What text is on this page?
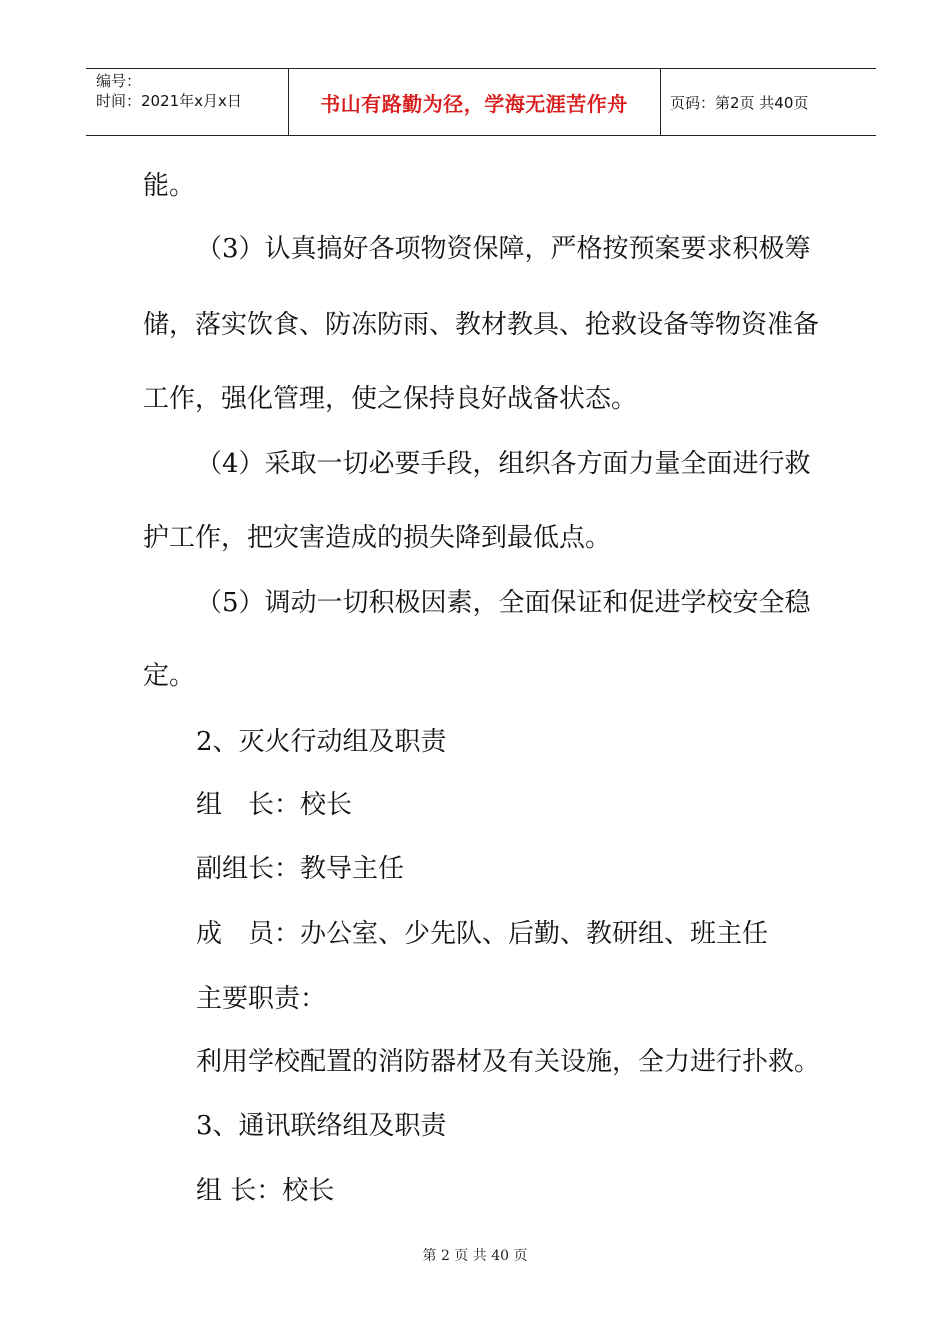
编号：
时间：2021年x月x日	书山有路勤为径，学海无涯苦作舟	页码：第2页 共40页
能。
（3）认真搞好各项物资保障，严格按预案要求积极筹
储，落实饮食、防冻防雨、教材教具、抢救设备等物资准备
工作，强化管理，使之保持良好战备状态。
（4）采取一切必要手段，组织各方面力量全面进行救
护工作，把灾害造成的损失降到最低点。
（5）调动一切积极因素，全面保证和促进学校安全稳
定。
2、灭火行动组及职责
组　长：校长
副组长：教导主任
成　员：办公室、少先队、后勤、教研组、班主任
主要职责：
利用学校配置的消防器材及有关设施，全力进行扑救。
3、通讯联络组及职责
组 长：校长
第 2 页 共 40 页
